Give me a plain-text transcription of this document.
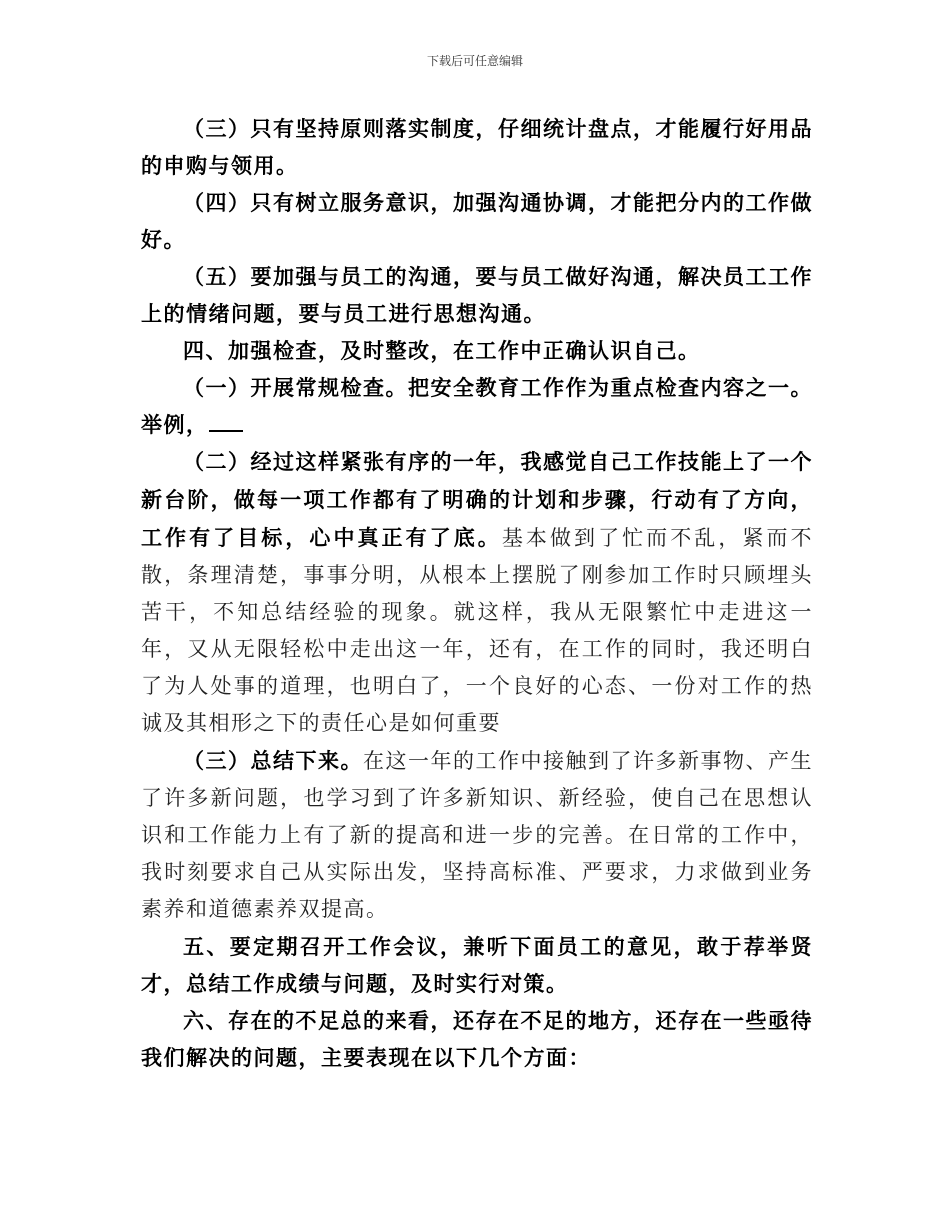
下载后可任意编辑

（三）只有坚持原则落实制度，仔细统计盘点，才能履行好用品的申购与领用。

（四）只有树立服务意识，加强沟通协调，才能把分内的工作做好。

（五）要加强与员工的沟通，要与员工做好沟通，解决员工工作上的情绪问题，要与员工进行思想沟通。

四、加强检查，及时整改，在工作中正确认识自己。

（一）开展常规检查。把安全教育工作作为重点检查内容之一。举例，

（二）经过这样紧张有序的一年，我感觉自己工作技能上了一个新台阶，做每一项工作都有了明确的计划和步骤，行动有了方向，工作有了目标，心中真正有了底。基本做到了忙而不乱，紧而不散，条理清楚，事事分明，从根本上摆脱了刚参加工作时只顾埋头苦干，不知总结经验的现象。就这样，我从无限繁忙中走进这一年，又从无限轻松中走出这一年，还有，在工作的同时，我还明白了为人处事的道理，也明白了，一个良好的心态、一份对工作的热诚及其相形之下的责任心是如何重要

（三）总结下来。在这一年的工作中接触到了许多新事物、产生了许多新问题，也学习到了许多新知识、新经验，使自己在思想认识和工作能力上有了新的提高和进一步的完善。在日常的工作中，我时刻要求自己从实际出发，坚持高标准、严要求，力求做到业务素养和道德素养双提高。

五、要定期召开工作会议，兼听下面员工的意见，敢于荐举贤才，总结工作成绩与问题，及时实行对策。

六、存在的不足总的来看，还存在不足的地方，还存在一些亟待我们解决的问题，主要表现在以下几个方面：
